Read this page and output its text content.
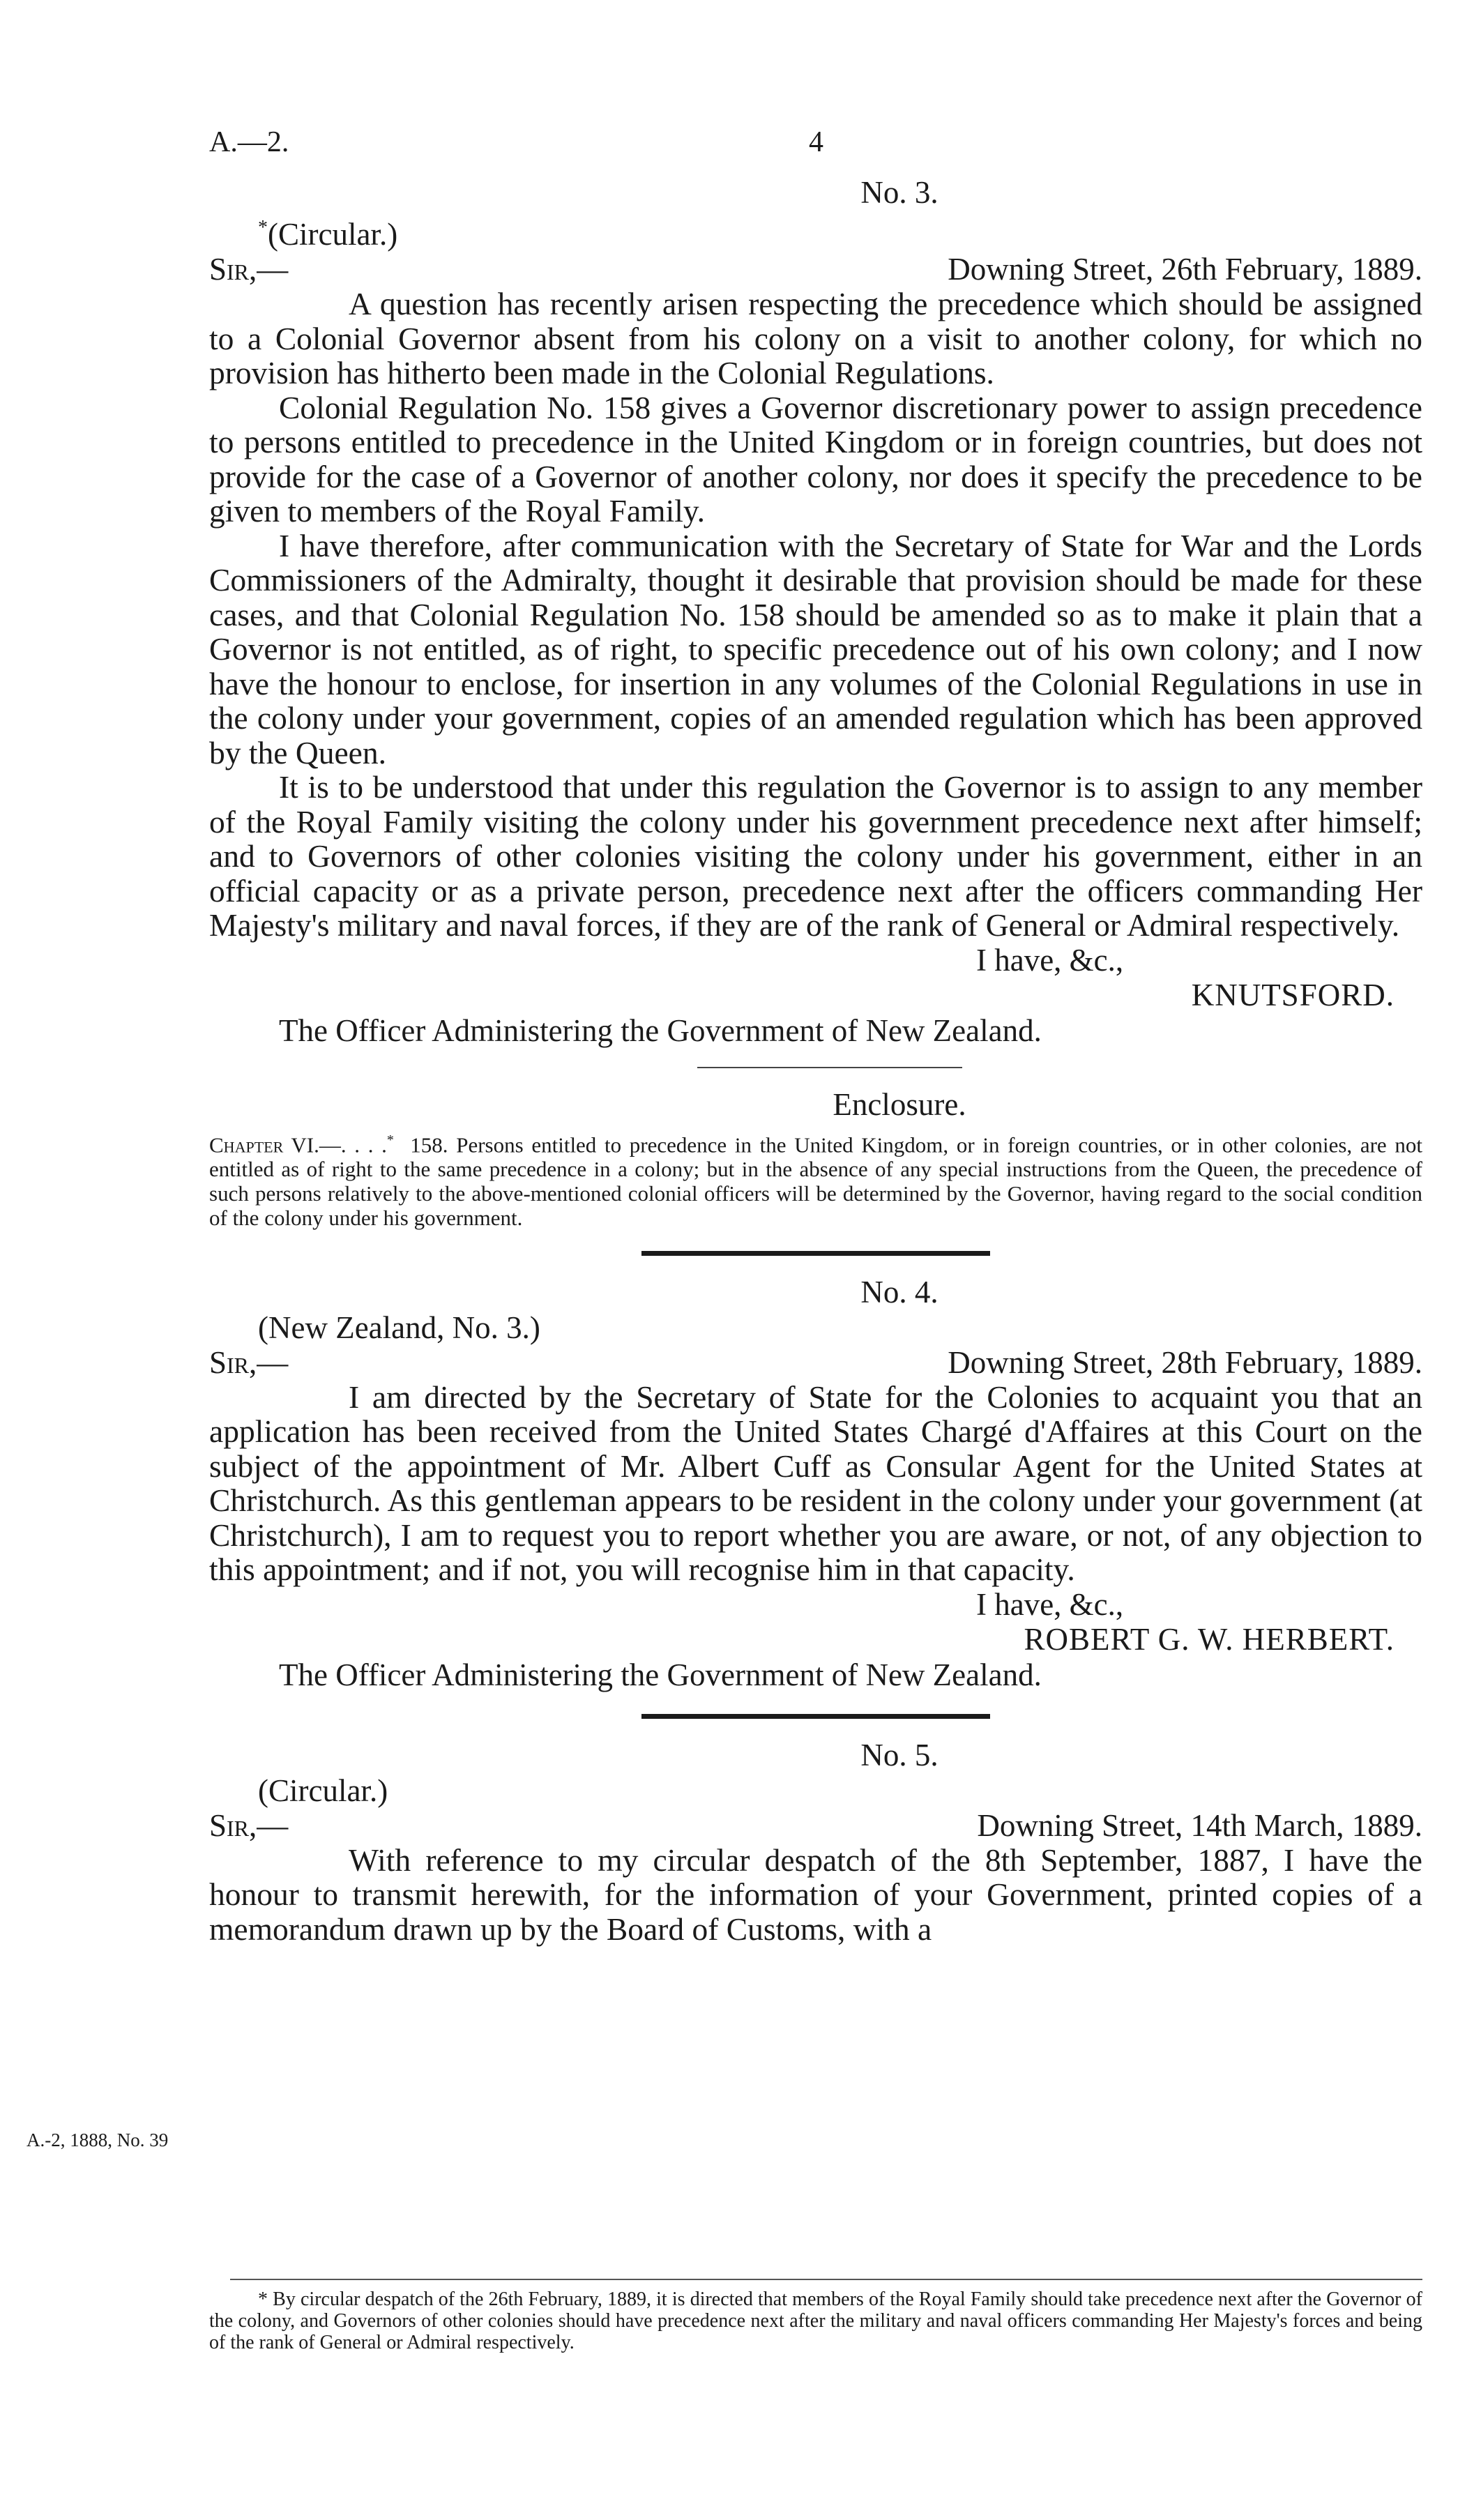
A.—2.	4

No. 3.

*(Circular.)

Sir,—	Downing Street, 26th February, 1889.

A question has recently arisen respecting the precedence which should be assigned to a Colonial Governor absent from his colony on a visit to another colony, for which no provision has hitherto been made in the Colonial Regulations.

Colonial Regulation No. 158 gives a Governor discretionary power to assign precedence to persons entitled to precedence in the United Kingdom or in foreign countries, but does not provide for the case of a Governor of another colony, nor does it specify the precedence to be given to members of the Royal Family.

I have therefore, after communication with the Secretary of State for War and the Lords Commissioners of the Admiralty, thought it desirable that provision should be made for these cases, and that Colonial Regulation No. 158 should be amended so as to make it plain that a Governor is not entitled, as of right, to specific precedence out of his own colony; and I now have the honour to enclose, for insertion in any volumes of the Colonial Regulations in use in the colony under your government, copies of an amended regulation which has been approved by the Queen.

It is to be understood that under this regulation the Governor is to assign to any member of the Royal Family visiting the colony under his government precedence next after himself; and to Governors of other colonies visiting the colony under his government, either in an official capacity or as a private person, precedence next after the officers commanding Her Majesty's military and naval forces, if they are of the rank of General or Admiral respectively.

I have, &c.,
KNUTSFORD.
The Officer Administering the Government of New Zealand.

Enclosure.

Chapter VI.—. . . .* 158. Persons entitled to precedence in the United Kingdom, or in foreign countries, or in other colonies, are not entitled as of right to the same precedence in a colony; but in the absence of any special instructions from the Queen, the precedence of such persons relatively to the above-mentioned colonial officers will be determined by the Governor, having regard to the social condition of the colony under his government.

No. 4.

(New Zealand, No. 3.)

Sir,—	Downing Street, 28th February, 1889.

I am directed by the Secretary of State for the Colonies to acquaint you that an application has been received from the United States Chargé d'Affaires at this Court on the subject of the appointment of Mr. Albert Cuff as Consular Agent for the United States at Christchurch. As this gentleman appears to be resident in the colony under your government (at Christchurch), I am to request you to report whether you are aware, or not, of any objection to this appointment; and if not, you will recognise him in that capacity.

I have, &c.,
ROBERT G. W. HERBERT.
The Officer Administering the Government of New Zealand.

No. 5.

(Circular.)

Sir,—	Downing Street, 14th March, 1889.

With reference to my circular despatch of the 8th September, 1887, I have the honour to transmit herewith, for the information of your Government, printed copies of a memorandum drawn up by the Board of Customs, with a

A.-2, 1888, No. 39
* By circular despatch of the 26th February, 1889, it is directed that members of the Royal Family should take precedence next after the Governor of the colony, and Governors of other colonies should have precedence next after the military and naval officers commanding Her Majesty's forces and being of the rank of General or Admiral respectively.
